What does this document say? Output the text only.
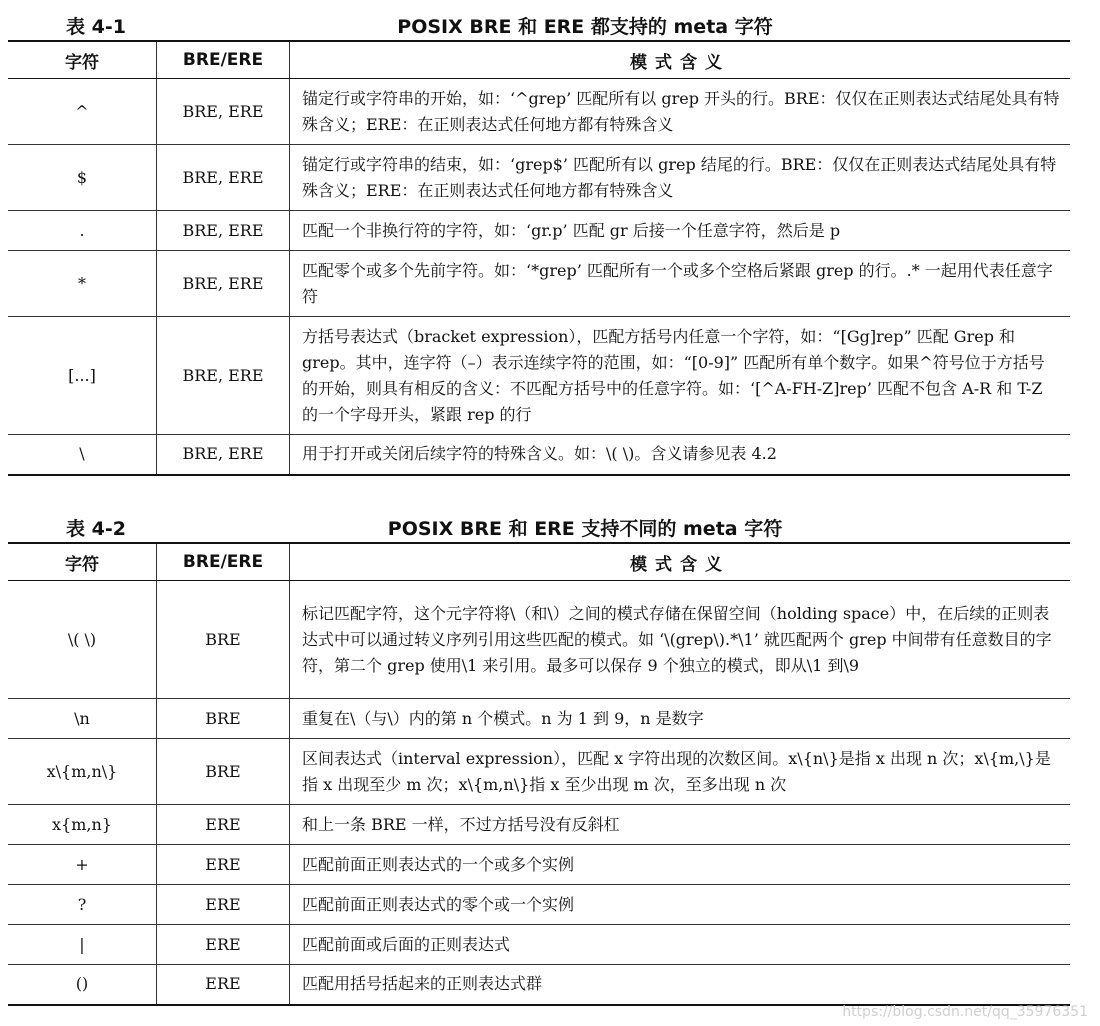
表 4-1	POSIX BRE 和 ERE 都支持的 meta 字符
字符	BRE/ERE	模式含义
^	BRE, ERE	锚定行或字符串的开始，如：‘^grep’ 匹配所有以 grep 开头的行。BRE：仅仅在正则表达式结尾处具有特殊含义；ERE：在正则表达式任何地方都有特殊含义
$	BRE, ERE	锚定行或字符串的结束，如：‘grep$’ 匹配所有以 grep 结尾的行。BRE：仅仅在正则表达式结尾处具有特殊含义；ERE：在正则表达式任何地方都有特殊含义
.	BRE, ERE	匹配一个非换行符的字符，如：‘gr.p’ 匹配 gr 后接一个任意字符，然后是 p
*	BRE, ERE	匹配零个或多个先前字符。如：‘*grep’ 匹配所有一个或多个空格后紧跟 grep 的行。.* 一起用代表任意字符
[...]	BRE, ERE	方括号表达式（bracket expression），匹配方括号内任意一个字符，如：“[Gg]rep” 匹配 Grep 和 grep。其中，连字符（–）表示连续字符的范围，如：“[0-9]” 匹配所有单个数字。如果^符号位于方括号的开始，则具有相反的含义：不匹配方括号中的任意字符。如：‘[^A-FH-Z]rep’ 匹配不包含 A-R 和 T-Z 的一个字母开头，紧跟 rep 的行
\	BRE, ERE	用于打开或关闭后续字符的特殊含义。如：\( \)。含义请参见表 4.2
表 4-2	POSIX BRE 和 ERE 支持不同的 meta 字符
字符	BRE/ERE	模式含义
\( \)	BRE	标记匹配字符，这个元字符将\（和\）之间的模式存储在保留空间（holding space）中，在后续的正则表达式中可以通过转义序列引用这些匹配的模式。如 ‘\(grep\).*\1’ 就匹配两个 grep 中间带有任意数目的字符，第二个 grep 使用\1 来引用。最多可以保存 9 个独立的模式，即从\1 到\9
\n	BRE	重复在\（与\）内的第 n 个模式。n 为 1 到 9，n 是数字
x\{m,n\}	BRE	区间表达式（interval expression），匹配 x 字符出现的次数区间。x\{n\}是指 x 出现 n 次；x\{m,\}是指 x 出现至少 m 次；x\{m,n\}指 x 至少出现 m 次，至多出现 n 次
x{m,n}	ERE	和上一条 BRE 一样，不过方括号没有反斜杠
+	ERE	匹配前面正则表达式的一个或多个实例
?	ERE	匹配前面正则表达式的零个或一个实例
|	ERE	匹配前面或后面的正则表达式
()	ERE	匹配用括号括起来的正则表达式群
https://blog.csdn.net/qq_35976351
